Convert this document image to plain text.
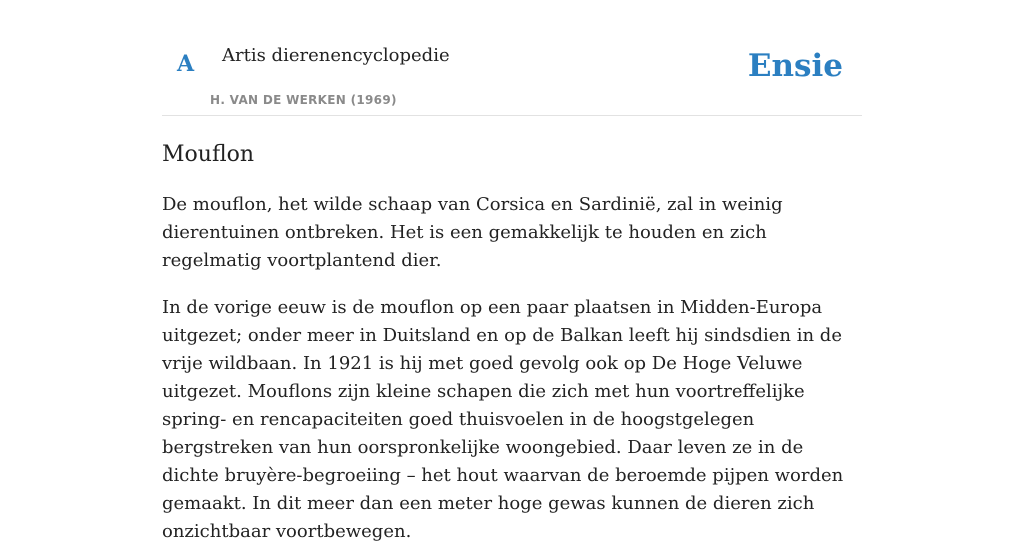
A Artis dierenencyclopedie
H. VAN DE WERKEN (1969)
Ensie
Mouflon

De mouflon, het wilde schaap van Corsica en Sardinië, zal in weinig dierentuinen ontbreken. Het is een gemakkelijk te houden en zich regelmatig voortplantend dier.

In de vorige eeuw is de mouflon op een paar plaatsen in Midden-Europa uitgezet; onder meer in Duitsland en op de Balkan leeft hij sindsdien in de vrije wildbaan. In 1921 is hij met goed gevolg ook op De Hoge Veluwe uitgezet. Mouflons zijn kleine schapen die zich met hun voortreffelijke spring- en rencapaciteiten goed thuisvoelen in de hoogstgelegen bergstreken van hun oorspronkelijke woongebied. Daar leven ze in de dichte bruyère-begroeiing – het hout waarvan de beroemde pijpen worden gemaakt. In dit meer dan een meter hoge gewas kunnen de dieren zich onzichtbaar voortbewegen.
